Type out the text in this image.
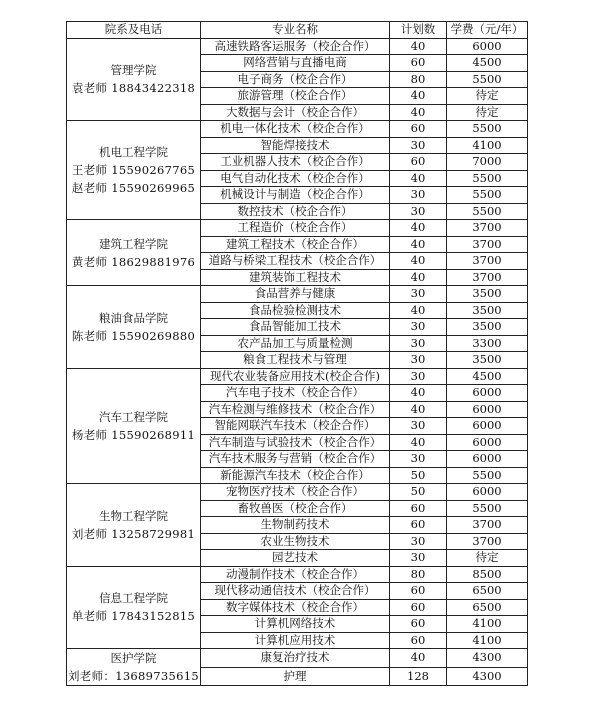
院系及电话	专业名称	计划数	学费（元/年）

管理学院
袁老师 18843422318	高速铁路客运服务（校企合作）	40	6000
	网络营销与直播电商	60	4500
	电子商务（校企合作）	80	5500
	旅游管理（校企合作）	40	待定
	大数据与会计（校企合作）	40	待定

机电工程学院
王老师 15590267765
赵老师 15590269965	机电一体化技术（校企合作）	60	5500
	智能焊接技术	30	4100
	工业机器人技术（校企合作）	60	7000
	电气自动化技术（校企合作）	40	5500
	机械设计与制造（校企合作）	30	5500
	数控技术（校企合作）	30	5500

建筑工程学院
黄老师 18629881976	工程造价（校企合作）	40	3700
	建筑工程技术（校企合作）	40	3700
	道路与桥梁工程技术（校企合作）	40	3700
	建筑装饰工程技术	40	3700

粮油食品学院
陈老师 15590269880	食品营养与健康	30	3500
	食品检验检测技术	40	3500
	食品智能加工技术	30	3500
	农产品加工与质量检测	30	3300
	粮食工程技术与管理	30	3500

汽车工程学院
杨老师 15590268911	现代农业装备应用技术(校企合作)	30	4500
	汽车电子技术（校企合作）	40	6000
	汽车检测与维修技术（校企合作）	40	6000
	智能网联汽车技术（校企合作）	30	6000
	汽车制造与试验技术（校企合作）	40	6000
	汽车技术服务与营销（校企合作）	30	6000
	新能源汽车技术（校企合作）	50	5500

生物工程学院
刘老师 13258729981	宠物医疗技术（校企合作）	50	6000
	畜牧兽医（校企合作）	60	5500
	生物制药技术	60	3700
	农业生物技术	30	3700
	园艺技术	30	待定

信息工程学院
单老师 17843152815	动漫制作技术（校企合作）	80	8500
	现代移动通信技术（校企合作）	60	6500
	数字媒体技术（校企合作）	60	6500
	计算机网络技术	60	4100
	计算机应用技术	60	4100

医护学院
刘老师：13689735615	康复治疗技术	40	4300
	护理	128	4300
